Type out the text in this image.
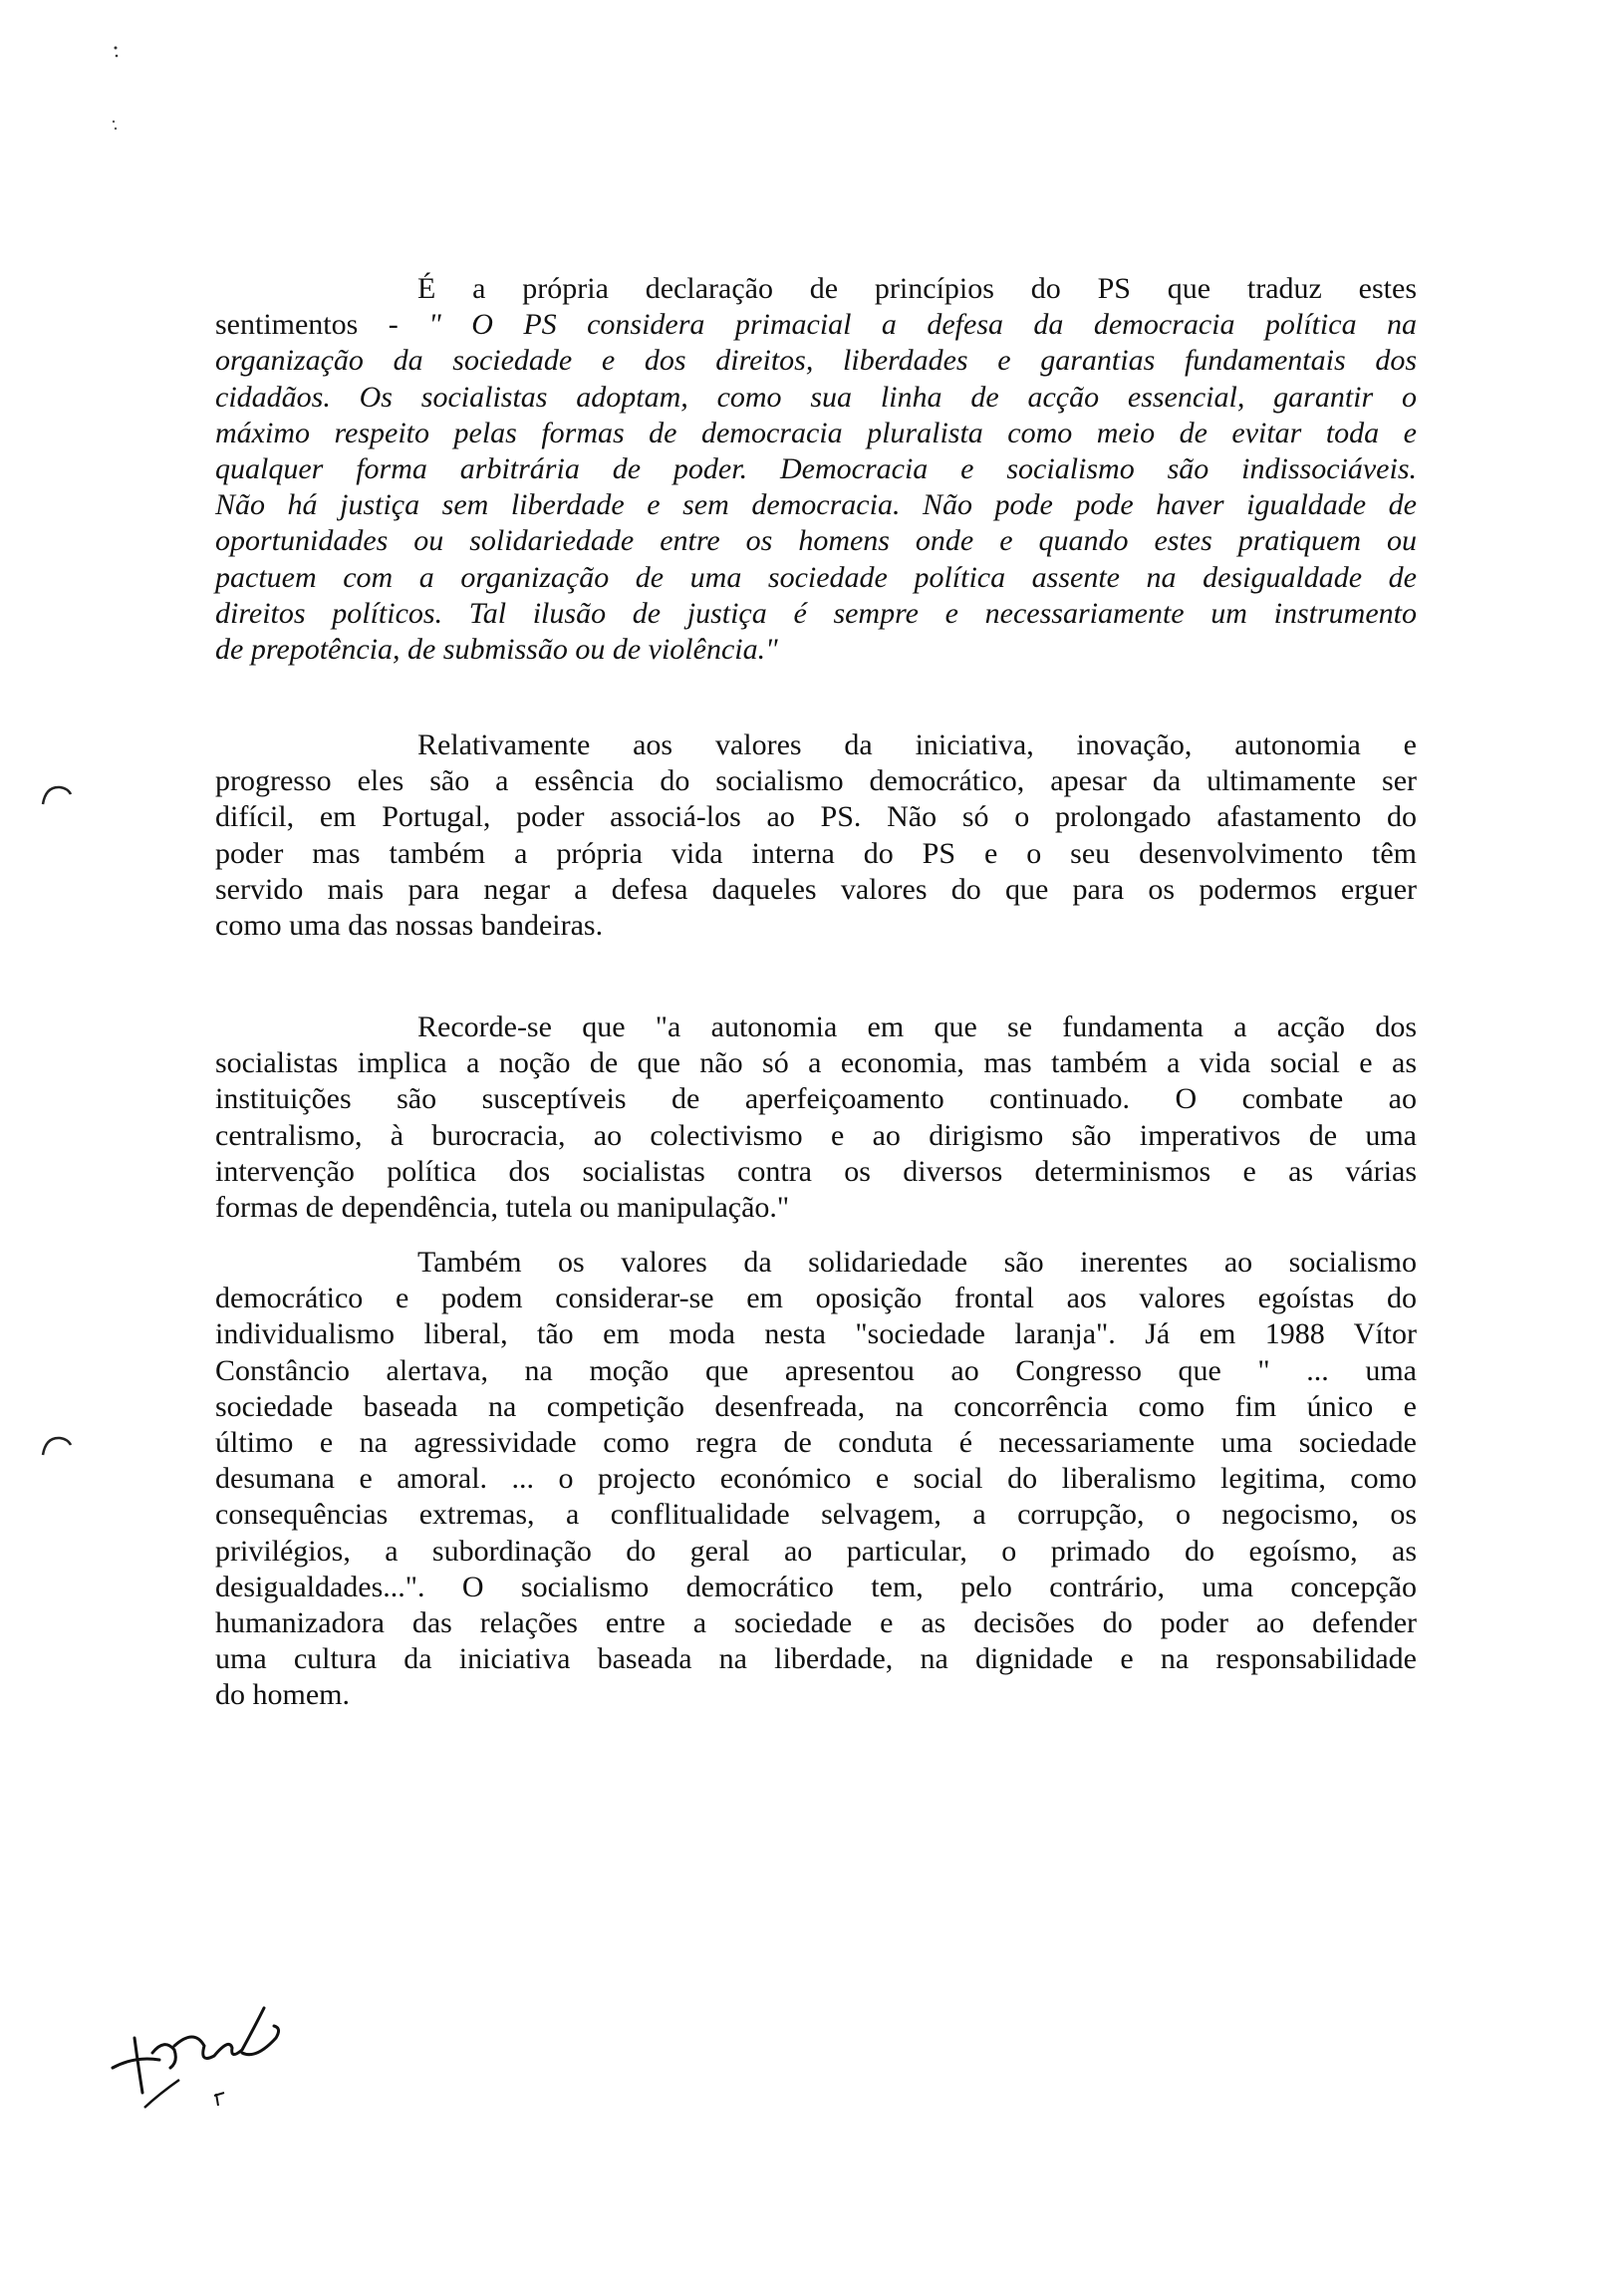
É a própria declaração de princípios do PS que traduz estes
sentimentos - " O PS considera primacial a defesa da democracia política na
organização da sociedade e dos direitos, liberdades e garantias fundamentais dos
cidadãos. Os socialistas adoptam, como sua linha de acção essencial, garantir o
máximo respeito pelas formas de democracia pluralista como meio de evitar toda e
qualquer forma arbitrária de poder. Democracia e socialismo são indissociáveis.
Não há justiça sem liberdade e sem democracia. Não pode pode haver igualdade de
oportunidades ou solidariedade entre os homens onde e quando estes pratiquem ou
pactuem com a organização de uma sociedade política assente na desigualdade de
direitos políticos. Tal ilusão de justiça é sempre e necessariamente um instrumento
de prepotência, de submissão ou de violência."
Relativamente aos valores da iniciativa, inovação, autonomia e
progresso eles são a essência do socialismo democrático, apesar da ultimamente ser
difícil, em Portugal, poder associá-los ao PS. Não só o prolongado afastamento do
poder mas também a própria vida interna do PS e o seu desenvolvimento têm
servido mais para negar a defesa daqueles valores do que para os podermos erguer
como uma das nossas bandeiras.
Recorde-se que "a autonomia em que se fundamenta a acção dos
socialistas implica a noção de que não só a economia, mas também a vida social e as
instituições são susceptíveis de aperfeiçoamento continuado. O combate ao
centralismo, à burocracia, ao colectivismo e ao dirigismo são imperativos de uma
intervenção política dos socialistas contra os diversos determinismos e as várias
formas de dependência, tutela ou manipulação."
Também os valores da solidariedade são inerentes ao socialismo
democrático e podem considerar-se em oposição frontal aos valores egoístas do
individualismo liberal, tão em moda nesta "sociedade laranja". Já em 1988 Vítor
Constâncio alertava, na moção que apresentou ao Congresso que " ... uma
sociedade baseada na competição desenfreada, na concorrência como fim único e
último e na agressividade como regra de conduta é necessariamente uma sociedade
desumana e amoral. ... o projecto económico e social do liberalismo legitima, como
consequências extremas, a conflitualidade selvagem, a corrupção, o negocismo, os
privilégios, a subordinação do geral ao particular, o primado do egoísmo, as
desigualdades...". O socialismo democrático tem, pelo contrário, uma concepção
humanizadora das relações entre a sociedade e as decisões do poder ao defender
uma cultura da iniciativa baseada na liberdade, na dignidade e na responsabilidade
do homem.
